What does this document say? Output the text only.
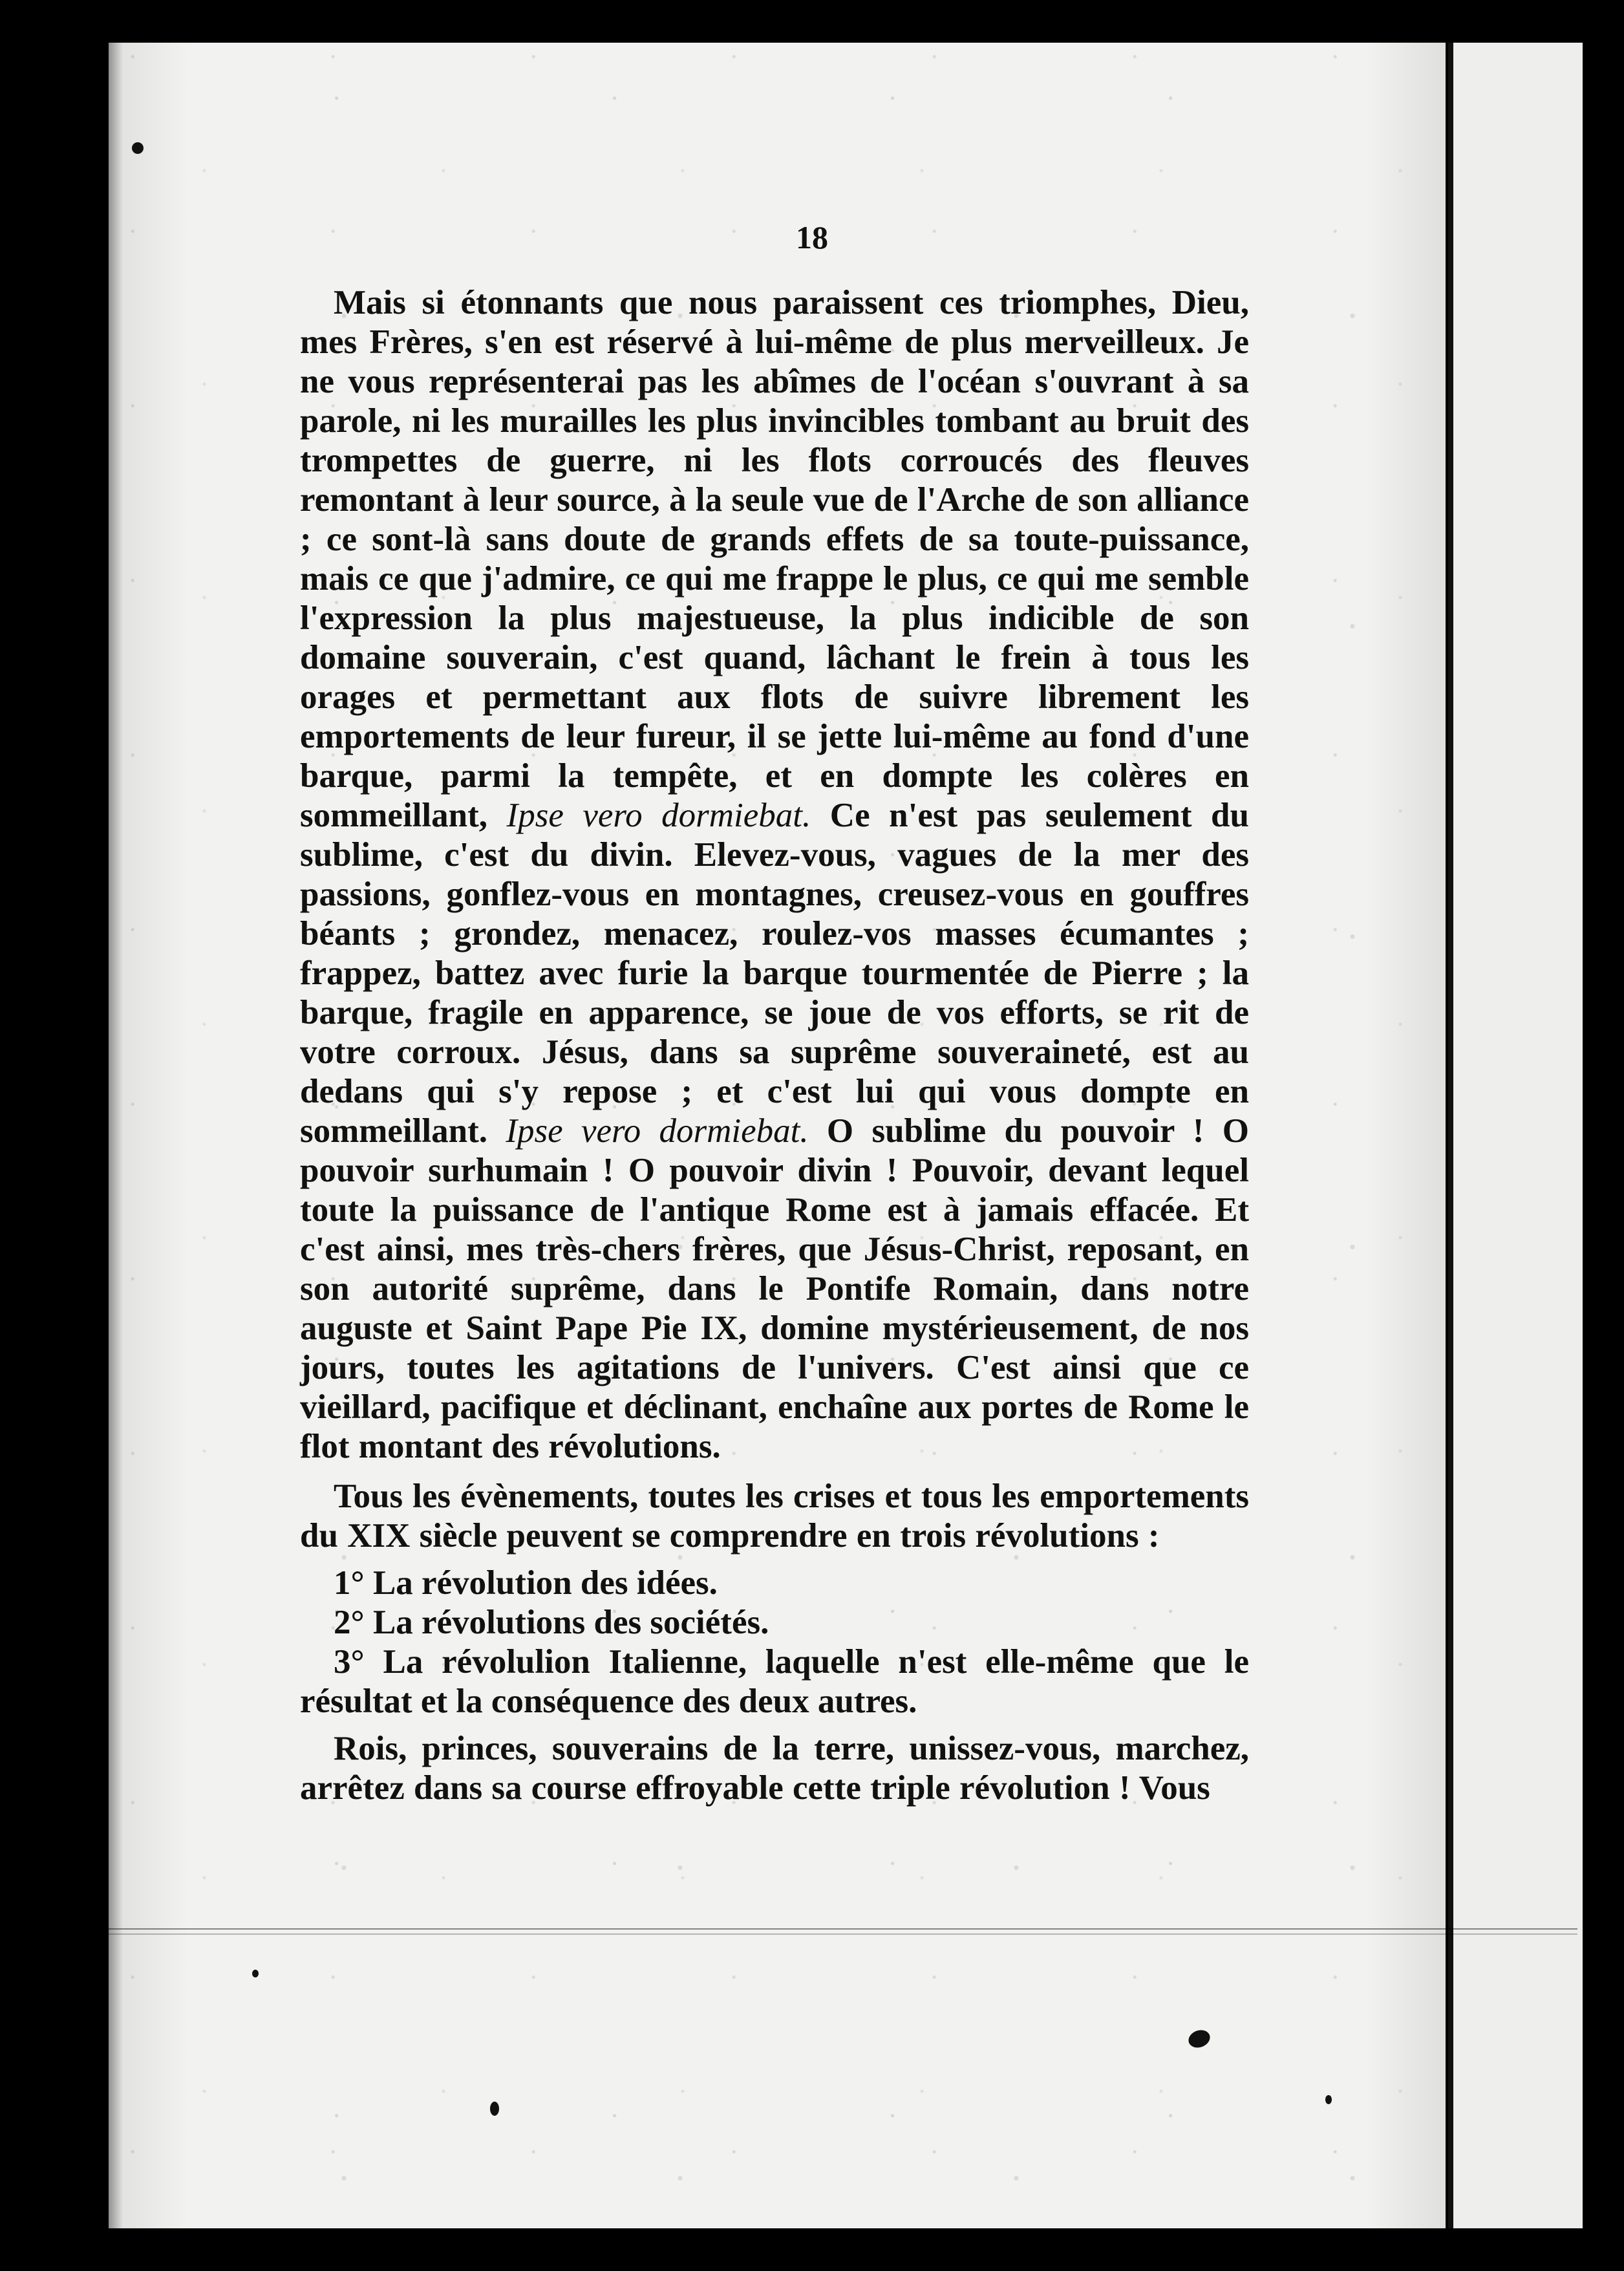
18

Mais si étonnants que nous paraissent ces triomphes, Dieu, mes Frères, s'en est réservé à lui-même de plus merveilleux. Je ne vous représenterai pas les abîmes de l'océan s'ouvrant à sa parole, ni les murailles les plus invincibles tombant au bruit des trompettes de guerre, ni les flots corroucés des fleuves remontant à leur source, à la seule vue de l'Arche de son alliance ; ce sont-là sans doute de grands effets de sa toute-puissance, mais ce que j'admire, ce qui me frappe le plus, ce qui me semble l'expression la plus majestueuse, la plus indicible de son domaine souverain, c'est quand, lâchant le frein à tous les orages et permettant aux flots de suivre librement les emportements de leur fureur, il se jette lui-même au fond d'une barque, parmi la tempête, et en dompte les colères en sommeillant, Ipse vero dormiebat. Ce n'est pas seulement du sublime, c'est du divin. Elevez-vous, vagues de la mer des passions, gonflez-vous en montagnes, creusez-vous en gouffres béants ; grondez, menacez, roulez-vos masses écumantes ; frappez, battez avec furie la barque tourmentée de Pierre ; la barque, fragile en apparence, se joue de vos efforts, se rit de votre corroux. Jésus, dans sa suprême souveraineté, est au dedans qui s'y repose ; et c'est lui qui vous dompte en sommeillant. Ipse vero dormiebat. O sublime du pouvoir ! O pouvoir surhumain ! O pouvoir divin ! Pouvoir, devant lequel toute la puissance de l'antique Rome est à jamais effacée. Et c'est ainsi, mes très-chers frères, que Jésus-Christ, reposant, en son autorité suprême, dans le Pontife Romain, dans notre auguste et Saint Pape Pie IX, domine mystérieusement, de nos jours, toutes les agitations de l'univers. C'est ainsi que ce vieillard, pacifique et déclinant, enchaîne aux portes de Rome le flot montant des révolutions.

Tous les évènements, toutes les crises et tous les emportements du XIX siècle peuvent se comprendre en trois révolutions :

1° La révolution des idées.
2° La révolutions des sociétés.
3° La révolulion Italienne, laquelle n'est elle-même que le résultat et la conséquence des deux autres.

Rois, princes, souverains de la terre, unissez-vous, marchez, arrêtez dans sa course effroyable cette triple révolution ! Vous
